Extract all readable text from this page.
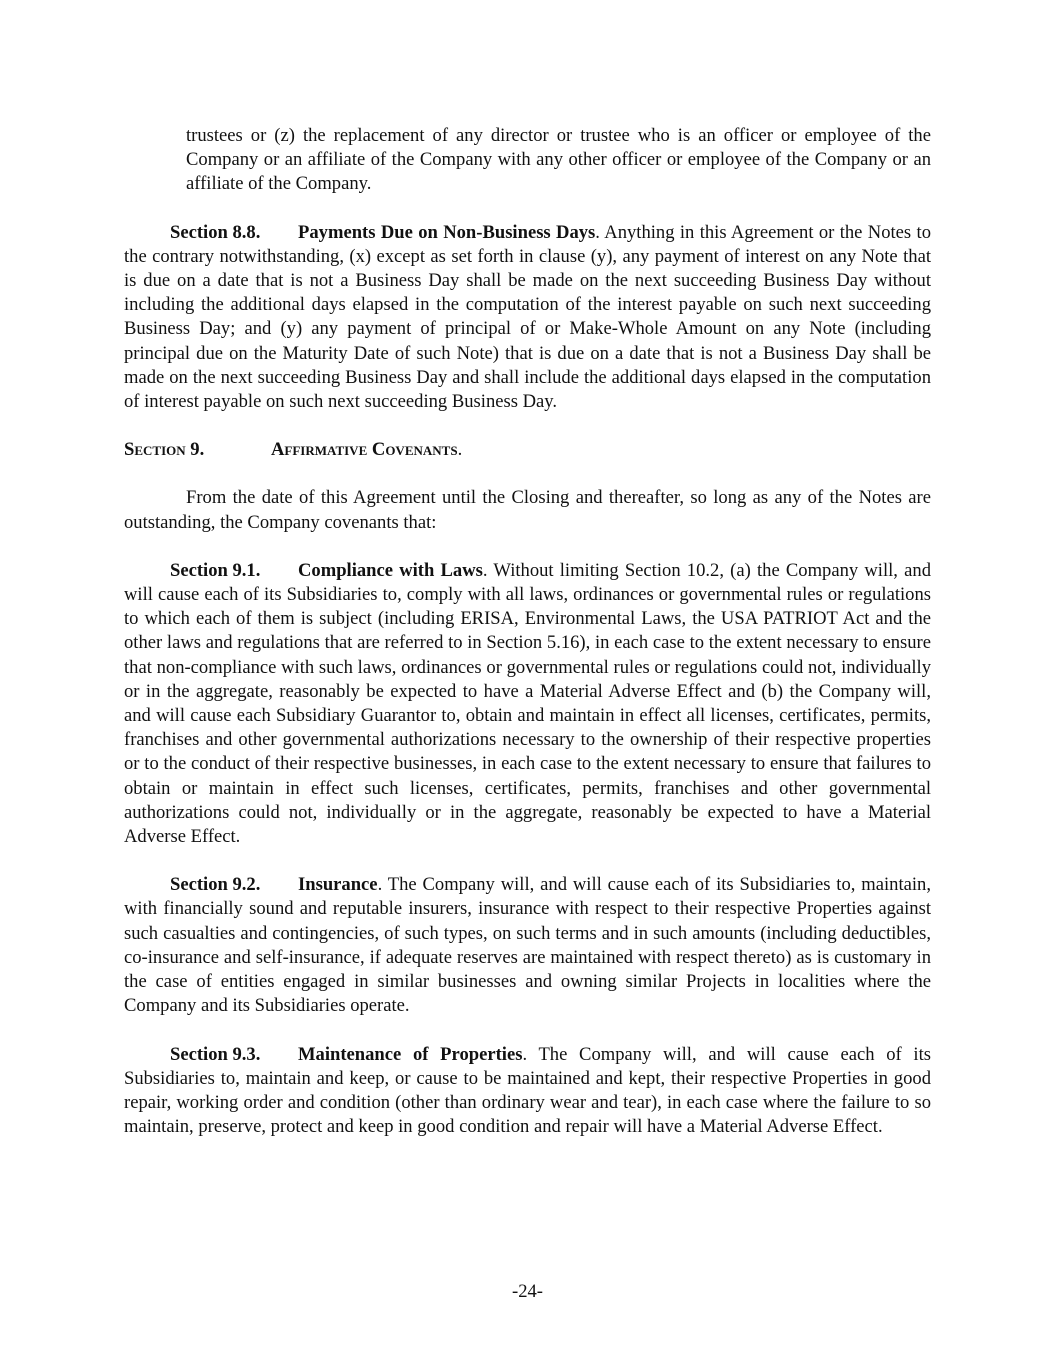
trustees or (z) the replacement of any director or trustee who is an officer or employee of the Company or an affiliate of the Company with any other officer or employee of the Company or an affiliate of the Company.

Section 8.8. Payments Due on Non-Business Days. Anything in this Agreement or the Notes to the contrary notwithstanding, (x) except as set forth in clause (y), any payment of interest on any Note that is due on a date that is not a Business Day shall be made on the next succeeding Business Day without including the additional days elapsed in the computation of the interest payable on such next succeeding Business Day; and (y) any payment of principal of or Make-Whole Amount on any Note (including principal due on the Maturity Date of such Note) that is due on a date that is not a Business Day shall be made on the next succeeding Business Day and shall include the additional days elapsed in the computation of interest payable on such next succeeding Business Day.

Section 9.	Affirmative Covenants.

From the date of this Agreement until the Closing and thereafter, so long as any of the Notes are outstanding, the Company covenants that:

Section 9.1. Compliance with Laws. Without limiting Section 10.2, (a) the Company will, and will cause each of its Subsidiaries to, comply with all laws, ordinances or governmental rules or regulations to which each of them is subject (including ERISA, Environmental Laws, the USA PATRIOT Act and the other laws and regulations that are referred to in Section 5.16), in each case to the extent necessary to ensure that non-compliance with such laws, ordinances or governmental rules or regulations could not, individually or in the aggregate, reasonably be expected to have a Material Adverse Effect and (b) the Company will, and will cause each Subsidiary Guarantor to, obtain and maintain in effect all licenses, certificates, permits, franchises and other governmental authorizations necessary to the ownership of their respective properties or to the conduct of their respective businesses, in each case to the extent necessary to ensure that failures to obtain or maintain in effect such licenses, certificates, permits, franchises and other governmental authorizations could not, individually or in the aggregate, reasonably be expected to have a Material Adverse Effect.

Section 9.2. Insurance. The Company will, and will cause each of its Subsidiaries to, maintain, with financially sound and reputable insurers, insurance with respect to their respective Properties against such casualties and contingencies, of such types, on such terms and in such amounts (including deductibles, co-insurance and self-insurance, if adequate reserves are maintained with respect thereto) as is customary in the case of entities engaged in similar businesses and owning similar Projects in localities where the Company and its Subsidiaries operate.

Section 9.3. Maintenance of Properties. The Company will, and will cause each of its Subsidiaries to, maintain and keep, or cause to be maintained and kept, their respective Properties in good repair, working order and condition (other than ordinary wear and tear), in each case where the failure to so maintain, preserve, protect and keep in good condition and repair will have a Material Adverse Effect.

-24-
